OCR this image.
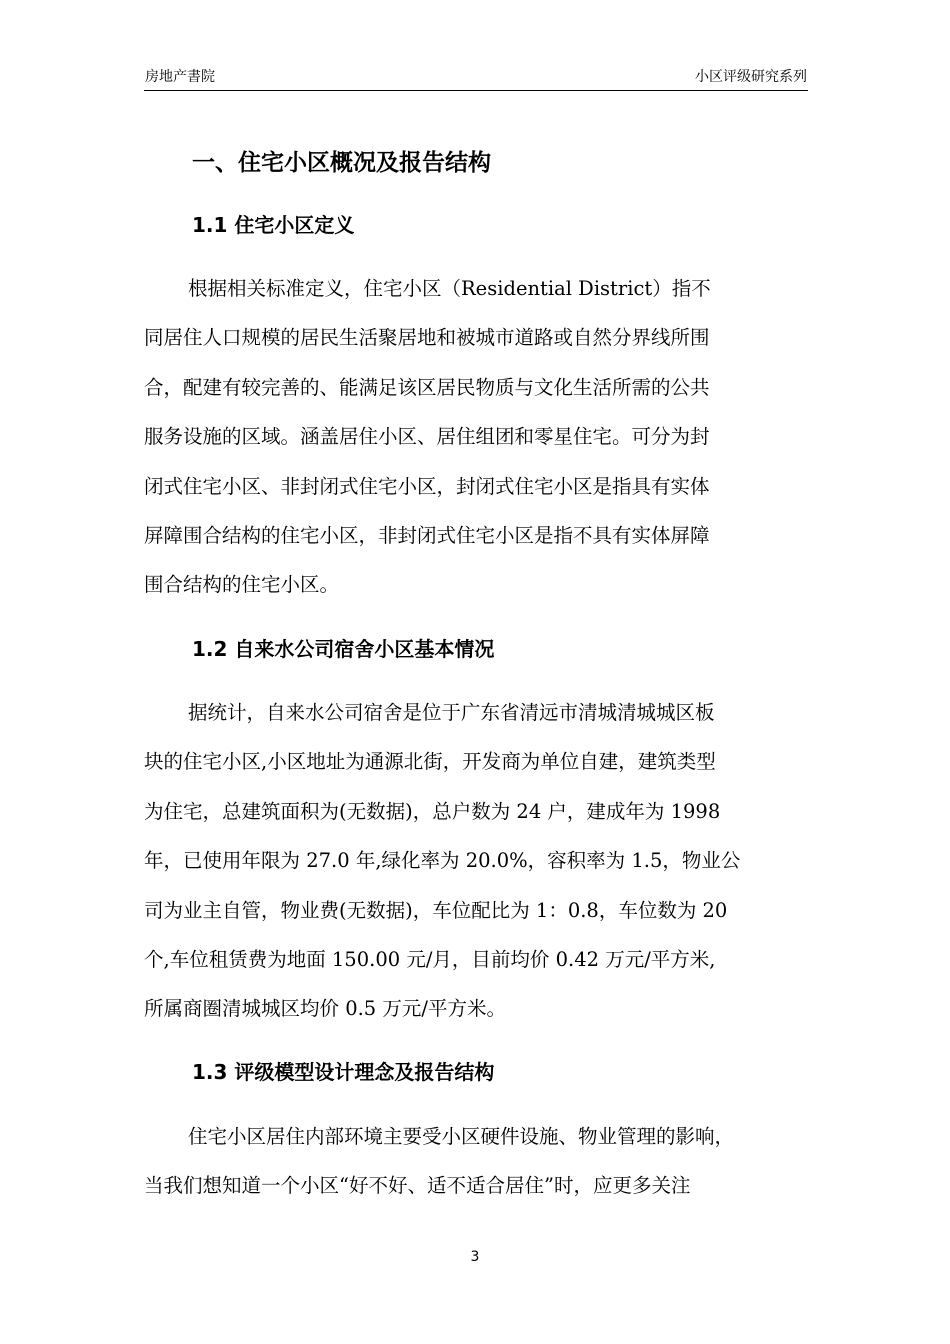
房地产書院	小区评级研究系列
一、住宅小区概况及报告结构
1.1 住宅小区定义
根据相关标准定义，住宅小区（Residential District）指不
同居住人口规模的居民生活聚居地和被城市道路或自然分界线所围
合，配建有较完善的、能满足该区居民物质与文化生活所需的公共
服务设施的区域。涵盖居住小区、居住组团和零星住宅。可分为封
闭式住宅小区、非封闭式住宅小区，封闭式住宅小区是指具有实体
屏障围合结构的住宅小区，非封闭式住宅小区是指不具有实体屏障
围合结构的住宅小区。
1.2 自来水公司宿舍小区基本情况
据统计，自来水公司宿舍是位于广东省清远市清城清城城区板
块的住宅小区,小区地址为通源北街，开发商为单位自建，建筑类型
为住宅，总建筑面积为(无数据)，总户数为 24 户，建成年为 1998
年，已使用年限为 27.0 年,绿化率为 20.0%，容积率为 1.5，物业公
司为业主自管，物业费(无数据)，车位配比为 1：0.8，车位数为 20
个,车位租赁费为地面 150.00 元/月，目前均价 0.42 万元/平方米,
所属商圈清城城区均价 0.5 万元/平方米。
1.3 评级模型设计理念及报告结构
住宅小区居住内部环境主要受小区硬件设施、物业管理的影响，
当我们想知道一个小区“好不好、适不适合居住”时，应更多关注
3
